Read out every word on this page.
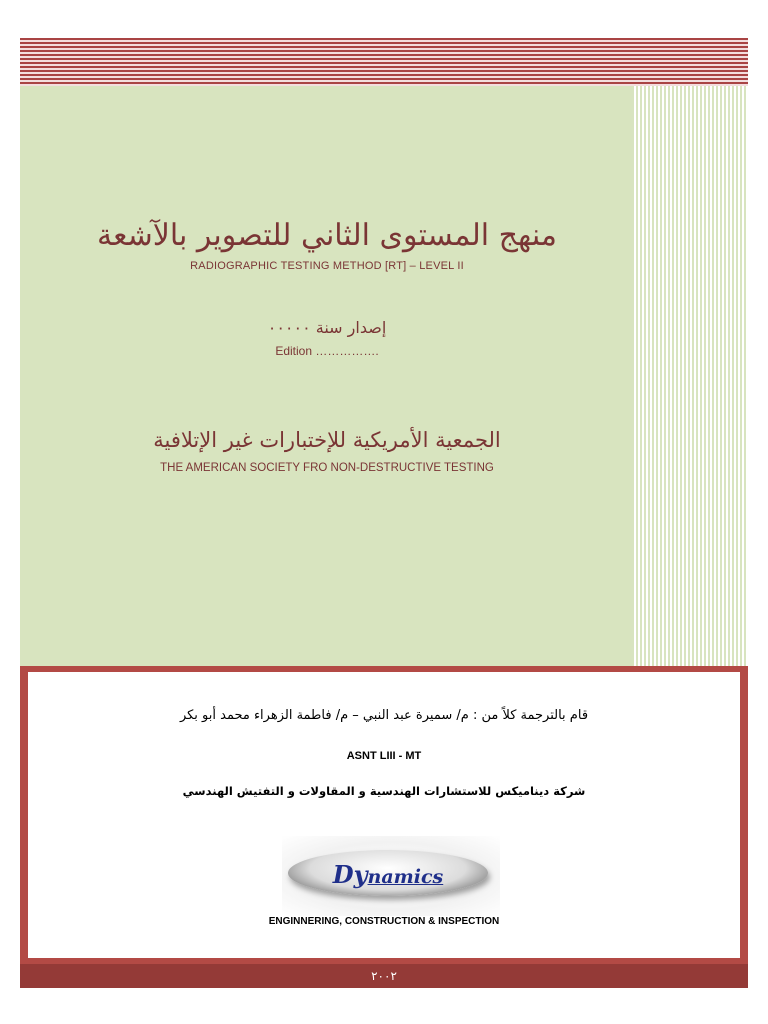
منهج المستوى الثاني للتصوير بالآشعة
RADIOGRAPHIC TESTING METHOD [RT] – LEVEL II
إصدار سنة ٠٠٠٠٠
Edition …………….
الجمعية الأمريكية للإختبارات غير الإتلافية
THE AMERICAN SOCIETY FRO NON-DESTRUCTIVE TESTING
قام بالترجمة كلاً من : م/ سميرة عبد النبي – م/ فاطمة الزهراء محمد أبو بكر
ASNT LIII - MT
شركة ديناميكس للاستشارات الهندسية و المقاولات و التفتيش الهندسي
Dynamics
ENGINNERING, CONSTRUCTION & INSPECTION
٢٠٠٢
